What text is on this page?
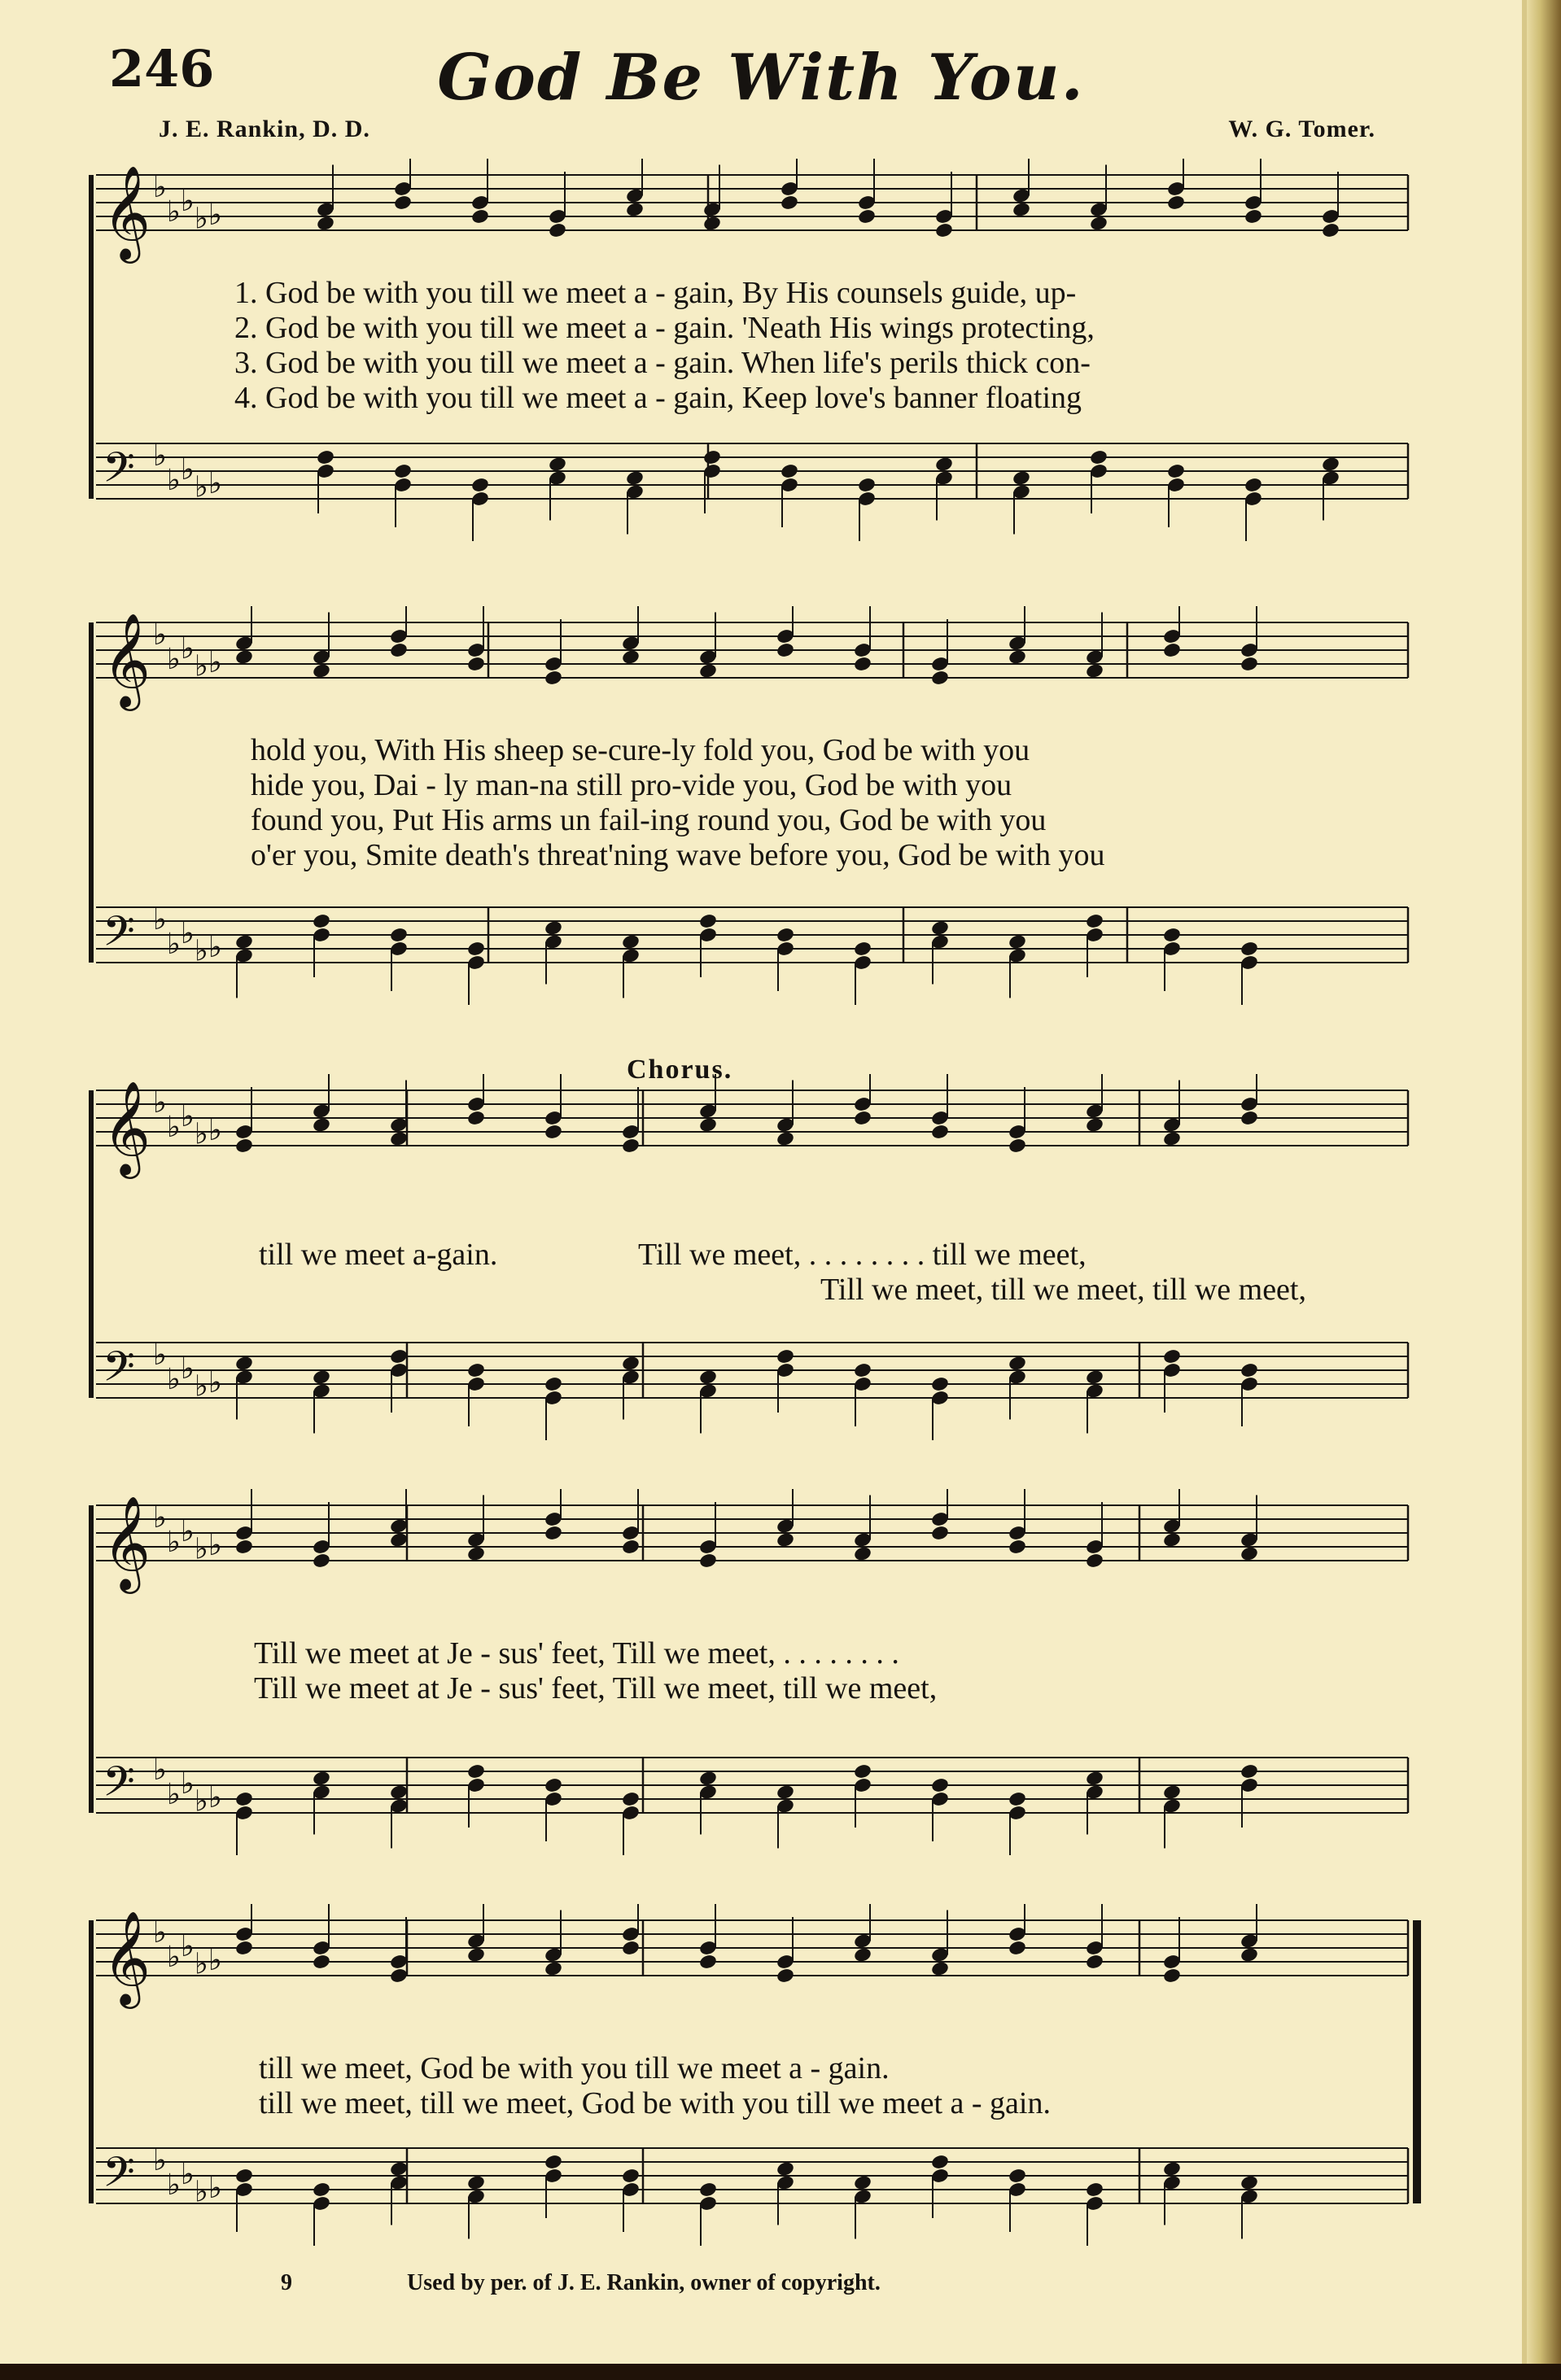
246	God Be With You.
J. E. Rankin, D. D.	W. G. Tomer.
𝄞 ♭
♭ ♭
♭ ♭
𝄢 ♭
♭ ♭
♭ ♭
1. God be with you till we meet a - gain, By His counsels guide, up-
2. God be with you till we meet a - gain. 'Neath His wings protecting,
3. God be with you till we meet a - gain. When life's perils thick con-
4. God be with you till we meet a - gain, Keep love's banner floating
𝄞 ♭
♭ ♭
♭ ♭
𝄢 ♭
♭ ♭
♭ ♭
hold you, With His sheep se-cure-ly fold you, God be with you
hide you, Dai - ly man-na still pro-vide you, God be with you
found you, Put His arms un fail-ing round you, God be with you
o'er you, Smite death's threat'ning wave before you, God be with you
Chorus.
𝄞 ♭
♭ ♭
♭ ♭
𝄢 ♭
♭ ♭
♭ ♭
till we meet a-gain.	Till we meet, . . . . . . . . till we meet,
Till we meet, till we meet, till we meet,
𝄞 ♭
♭ ♭
♭ ♭
𝄢 ♭
♭ ♭
♭ ♭
Till we meet at Je - sus' feet, Till we meet, . . . . . . . .
Till we meet at Je - sus' feet, Till we meet, till we meet,
𝄞 ♭
♭ ♭
♭ ♭
𝄢 ♭
♭ ♭
♭ ♭
till we meet, God be with you till we meet a - gain.
till we meet, till we meet, God be with you till we meet a - gain.
9	Used by per. of J. E. Rankin, owner of copyright.
